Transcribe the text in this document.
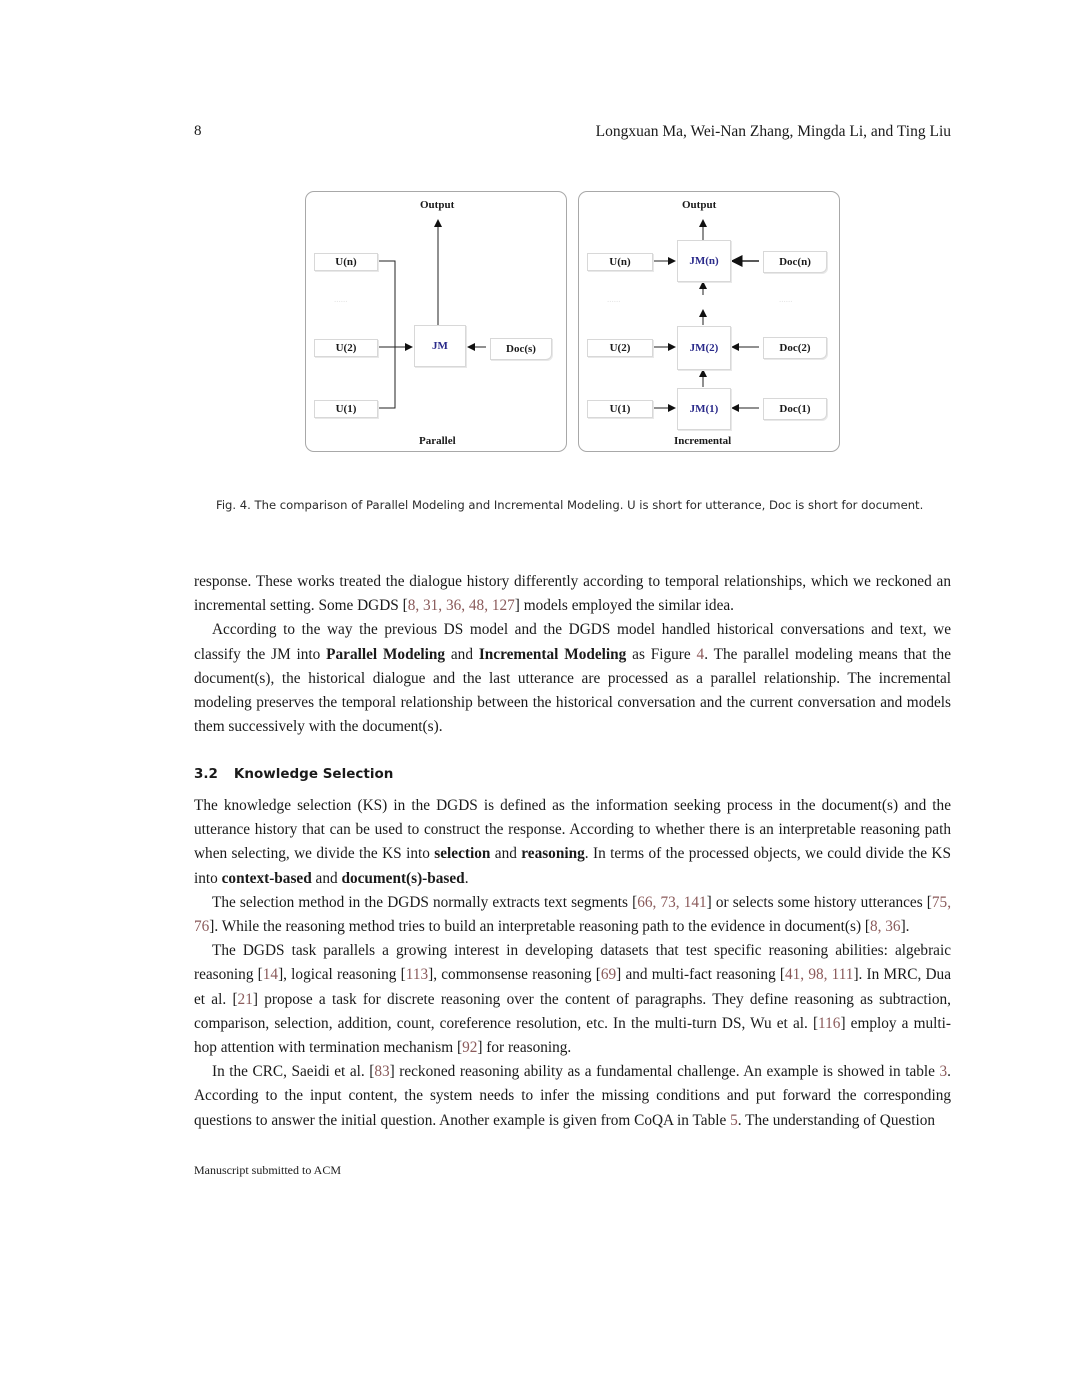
8	Longxuan Ma, Wei-Nan Zhang, Mingda Li, and Ting Liu
Output
U(n)
......
U(2)
U(1)
JM	Doc(s)
Parallel
Output
U(n)	JM(n)	Doc(n)
......	......
U(2)	JM(2)	Doc(2)
U(1)	JM(1)	Doc(1)
Incremental
Fig. 4. The comparison of Parallel Modeling and Incremental Modeling. U is short for utterance, Doc is short for document.

response. These works treated the dialogue history differently according to temporal relationships, which we reckoned an incremental setting. Some DGDS [8, 31, 36, 48, 127] models employed the similar idea.

According to the way the previous DS model and the DGDS model handled historical conversations and text, we classify the JM into Parallel Modeling and Incremental Modeling as Figure 4. The parallel modeling means that the document(s), the historical dialogue and the last utterance are processed as a parallel relationship. The incremental modeling preserves the temporal relationship between the historical conversation and the current conversation and models them successively with the document(s).

3.2 Knowledge Selection

The knowledge selection (KS) in the DGDS is defined as the information seeking process in the document(s) and the utterance history that can be used to construct the response. According to whether there is an interpretable reasoning path when selecting, we divide the KS into selection and reasoning. In terms of the processed objects, we could divide the KS into context-based and document(s)-based.

The selection method in the DGDS normally extracts text segments [66, 73, 141] or selects some history utterances [75, 76]. While the reasoning method tries to build an interpretable reasoning path to the evidence in document(s) [8, 36].

The DGDS task parallels a growing interest in developing datasets that test specific reasoning abilities: algebraic reasoning [14], logical reasoning [113], commonsense reasoning [69] and multi-fact reasoning [41, 98, 111]. In MRC, Dua et al. [21] propose a task for discrete reasoning over the content of paragraphs. They define reasoning as subtraction, comparison, selection, addition, count, coreference resolution, etc. In the multi-turn DS, Wu et al. [116] employ a multi-hop attention with termination mechanism [92] for reasoning.

In the CRC, Saeidi et al. [83] reckoned reasoning ability as a fundamental challenge. An example is showed in table 3. According to the input content, the system needs to infer the missing conditions and put forward the corresponding questions to answer the initial question. Another example is given from CoQA in Table 5. The understanding of Question

Manuscript submitted to ACM
